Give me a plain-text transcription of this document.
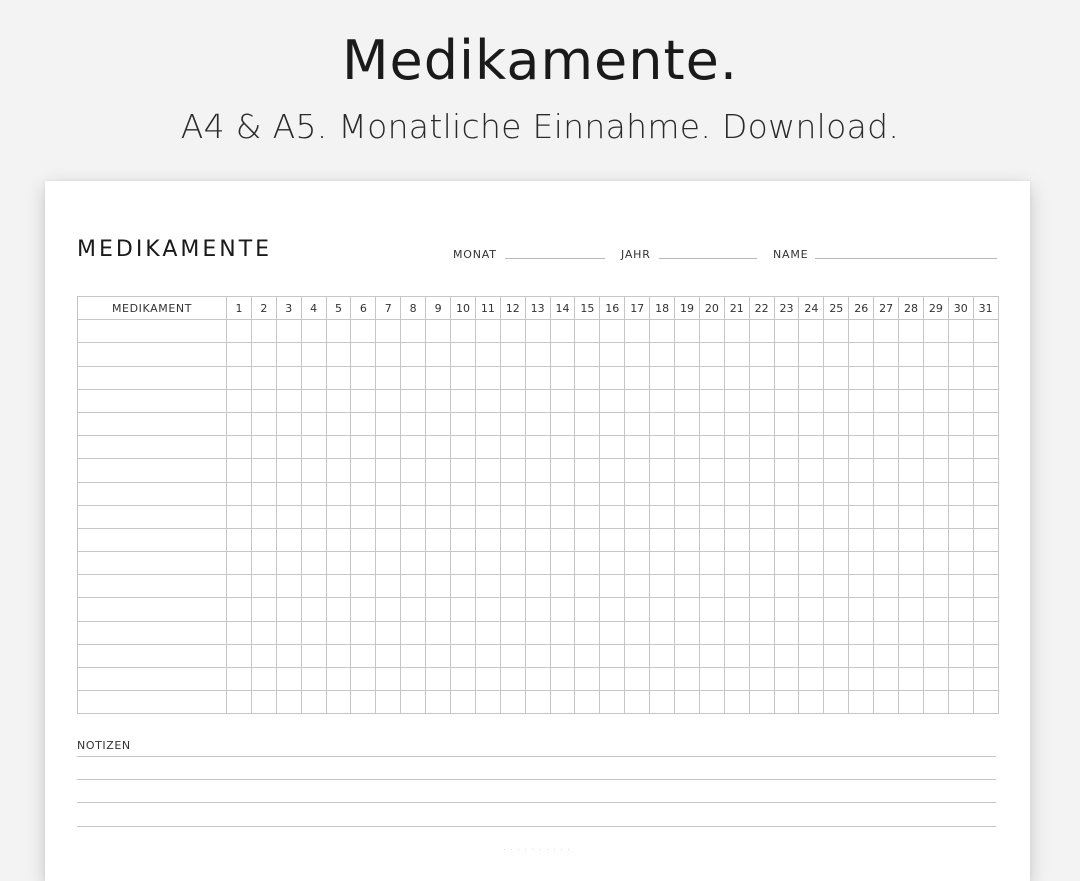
Medikamente.
A4 & A5. Monatliche Einnahme. Download.
MEDIKAMENTE	MONAT	JAHR	NAME
MEDIKAMENT	1	2	3	4	5	6	7	8	9	10	11	12	13	14	15	16	17	18	19	20	21	22	23	24	25	26	27	28	29	30	31

NOTIZEN
· · · · · · · · · ·
